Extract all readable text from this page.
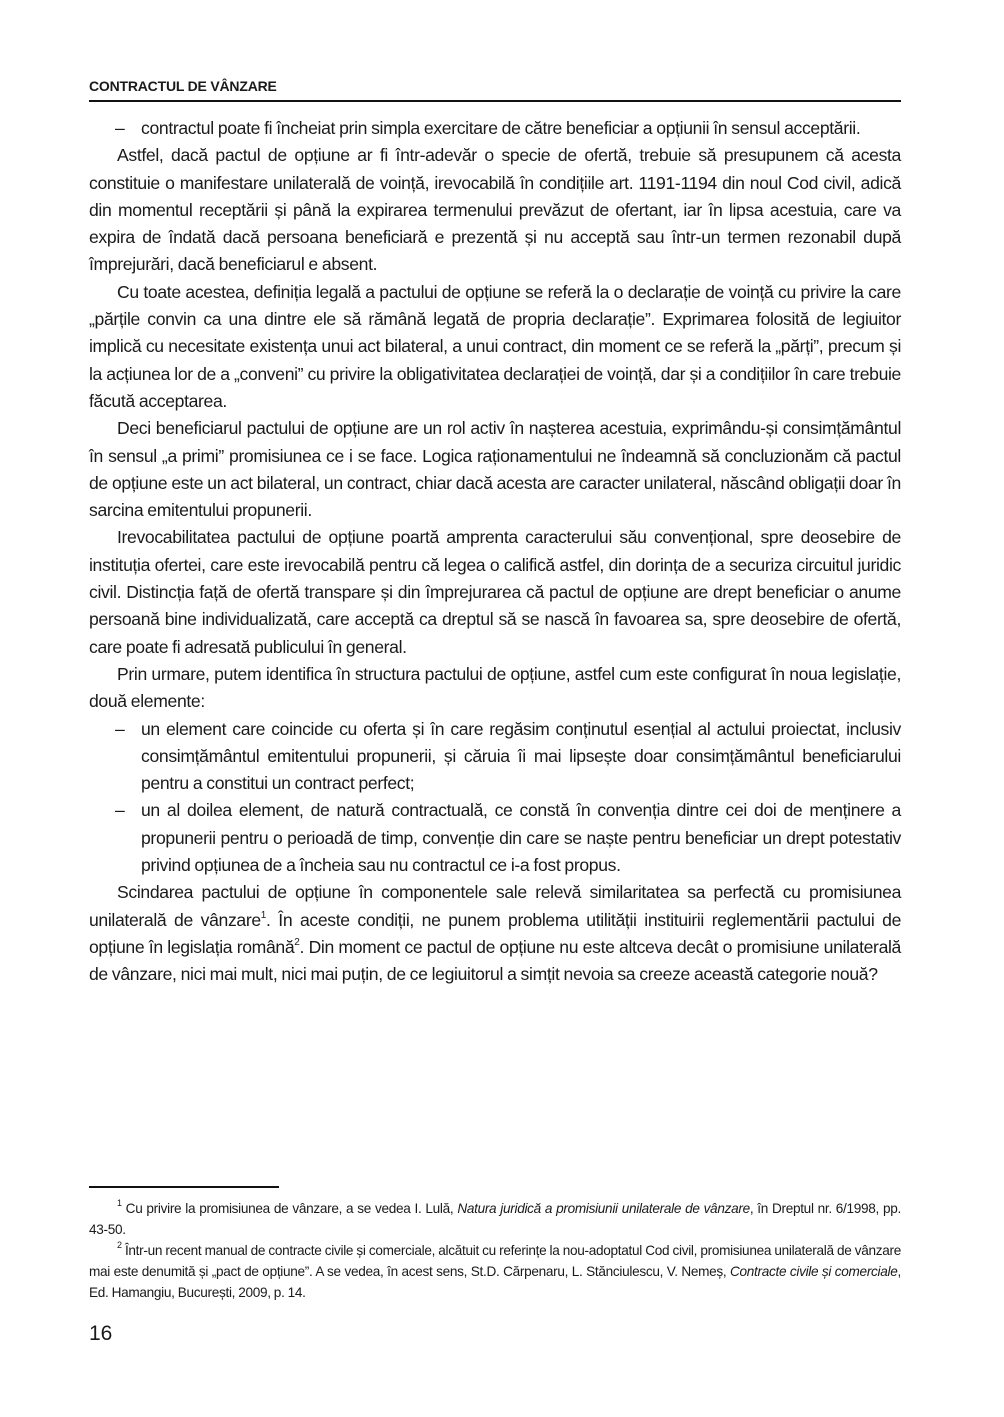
CONTRACTUL DE VÂNZARE
– contractul poate fi încheiat prin simpla exercitare de către beneficiar a opțiunii în sensul acceptării.

Astfel, dacă pactul de opțiune ar fi într-adevăr o specie de ofertă, trebuie să presupunem că acesta constituie o manifestare unilaterală de voință, irevocabilă în condițiile art. 1191-1194 din noul Cod civil, adică din momentul receptării și până la expirarea termenului prevăzut de ofertant, iar în lipsa acestuia, care va expira de îndată dacă persoana beneficiară e prezentă și nu acceptă sau într-un termen rezonabil după împrejurări, dacă beneficiarul e absent.

Cu toate acestea, definiția legală a pactului de opțiune se referă la o declarație de voință cu privire la care „părțile convin ca una dintre ele să rămână legată de propria declarație”. Exprimarea folosită de legiuitor implică cu necesitate existența unui act bilateral, a unui contract, din moment ce se referă la „părți”, precum și la acțiunea lor de a „conveni” cu privire la obligativitatea declarației de voință, dar și a condițiilor în care trebuie făcută acceptarea.

Deci beneficiarul pactului de opțiune are un rol activ în nașterea acestuia, exprimându-și consimțământul în sensul „a primi” promisiunea ce i se face. Logica raționamentului ne îndeamnă să concluzionăm că pactul de opțiune este un act bilateral, un contract, chiar dacă acesta are caracter unilateral, născând obligații doar în sarcina emitentului propunerii.

Irevocabilitatea pactului de opțiune poartă amprenta caracterului său convențional, spre deosebire de instituția ofertei, care este irevocabilă pentru că legea o califică astfel, din dorința de a securiza circuitul juridic civil. Distincția față de ofertă transpare și din împrejurarea că pactul de opțiune are drept beneficiar o anume persoană bine individualizată, care acceptă ca dreptul să se nască în favoarea sa, spre deosebire de ofertă, care poate fi adresată publicului în general.

Prin urmare, putem identifica în structura pactului de opțiune, astfel cum este configurat în noua legislație, două elemente:

– un element care coincide cu oferta și în care regăsim conținutul esențial al actului proiectat, inclusiv consimțământul emitentului propunerii, și căruia îi mai lipsește doar consimțământul beneficiarului pentru a constitui un contract perfect;
– un al doilea element, de natură contractuală, ce constă în convenția dintre cei doi de menținere a propunerii pentru o perioadă de timp, convenție din care se naște pentru beneficiar un drept potestativ privind opțiunea de a încheia sau nu contractul ce i-a fost propus.

Scindarea pactului de opțiune în componentele sale relevă similaritatea sa perfectă cu promisiunea unilaterală de vânzare$^1$. În aceste condiții, ne punem problema utilității instituirii reglementării pactului de opțiune în legislația română$^2$. Din moment ce pactul de opțiune nu este altceva decât o promisiune unilaterală de vânzare, nici mai mult, nici mai puțin, de ce legiuitorul a simțit nevoia sa creeze această categorie nouă?

$^1$ Cu privire la promisiunea de vânzare, a se vedea I. Lulă, Natura juridică a promisiunii unilaterale de vânzare, în Dreptul nr. 6/1998, pp. 43-50.

$^2$ Într-un recent manual de contracte civile și comerciale, alcătuit cu referințe la nou-adoptatul Cod civil, promisiunea unilaterală de vânzare mai este denumită și „pact de opțiune”. A se vedea, în acest sens, St.D. Cărpenaru, L. Stănciulescu, V. Nemeș, Contracte civile și comerciale, Ed. Hamangiu, București, 2009, p. 14.

16
